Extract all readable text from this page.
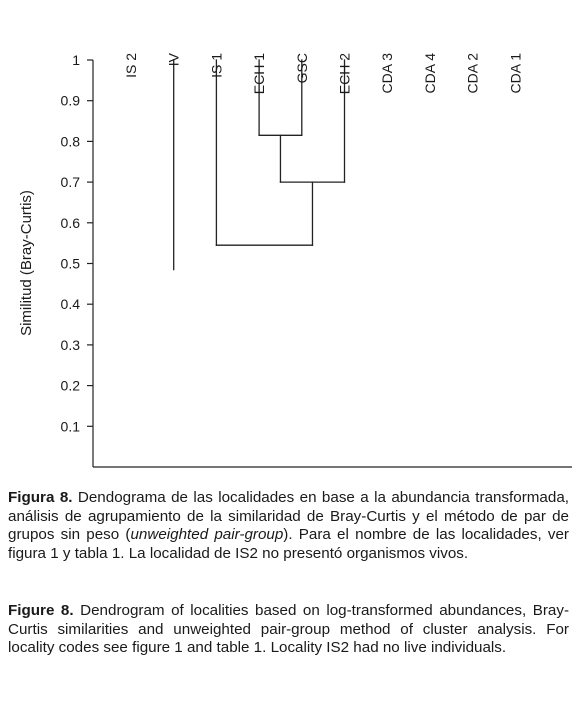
0.1
0.2
0.3
0.4
0.5
0.6
0.7
0.8
0.9
1	IS 2 IV IS 1 ECH 1 GSC ECH 2 CDA 3 CDA 4 CDA 2 CDA 1
Similitud (Bray-Curtis)

Figura 8. Dendograma de las localidades en base a la abundancia transformada, análisis de agrupamiento de la similaridad de Bray-Curtis y el método de par de grupos sin peso (unweighted pair-group). Para el nombre de las localidades, ver figura 1 y tabla 1. La localidad de IS2 no presentó organismos vivos.

Figure 8. Dendrogram of localities based on log-transformed abundances, Bray-Curtis similarities and unweighted pair-group method of cluster analysis. For locality codes see figure 1 and table 1. Locality IS2 had no live individuals.
